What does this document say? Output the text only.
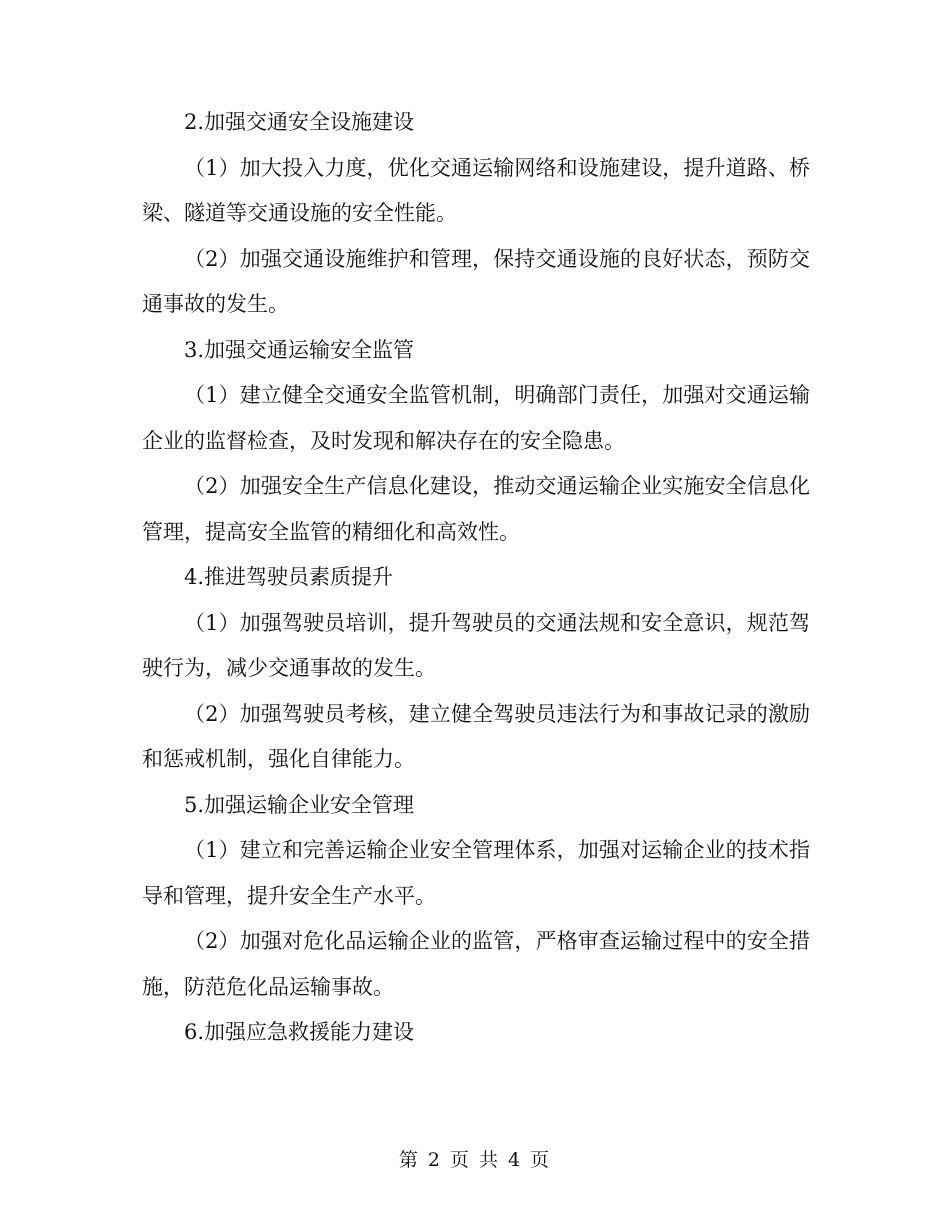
2.加强交通安全设施建设

（1）加大投入力度，优化交通运输网络和设施建设，提升道路、桥梁、隧道等交通设施的安全性能。

（2）加强交通设施维护和管理，保持交通设施的良好状态，预防交通事故的发生。

3.加强交通运输安全监管

（1）建立健全交通安全监管机制，明确部门责任，加强对交通运输企业的监督检查，及时发现和解决存在的安全隐患。

（2）加强安全生产信息化建设，推动交通运输企业实施安全信息化管理，提高安全监管的精细化和高效性。

4.推进驾驶员素质提升

（1）加强驾驶员培训，提升驾驶员的交通法规和安全意识，规范驾驶行为，减少交通事故的发生。

（2）加强驾驶员考核，建立健全驾驶员违法行为和事故记录的激励和惩戒机制，强化自律能力。

5.加强运输企业安全管理

（1）建立和完善运输企业安全管理体系，加强对运输企业的技术指导和管理，提升安全生产水平。

（2）加强对危化品运输企业的监管，严格审查运输过程中的安全措施，防范危化品运输事故。

6.加强应急救援能力建设

第 2 页 共 4 页
